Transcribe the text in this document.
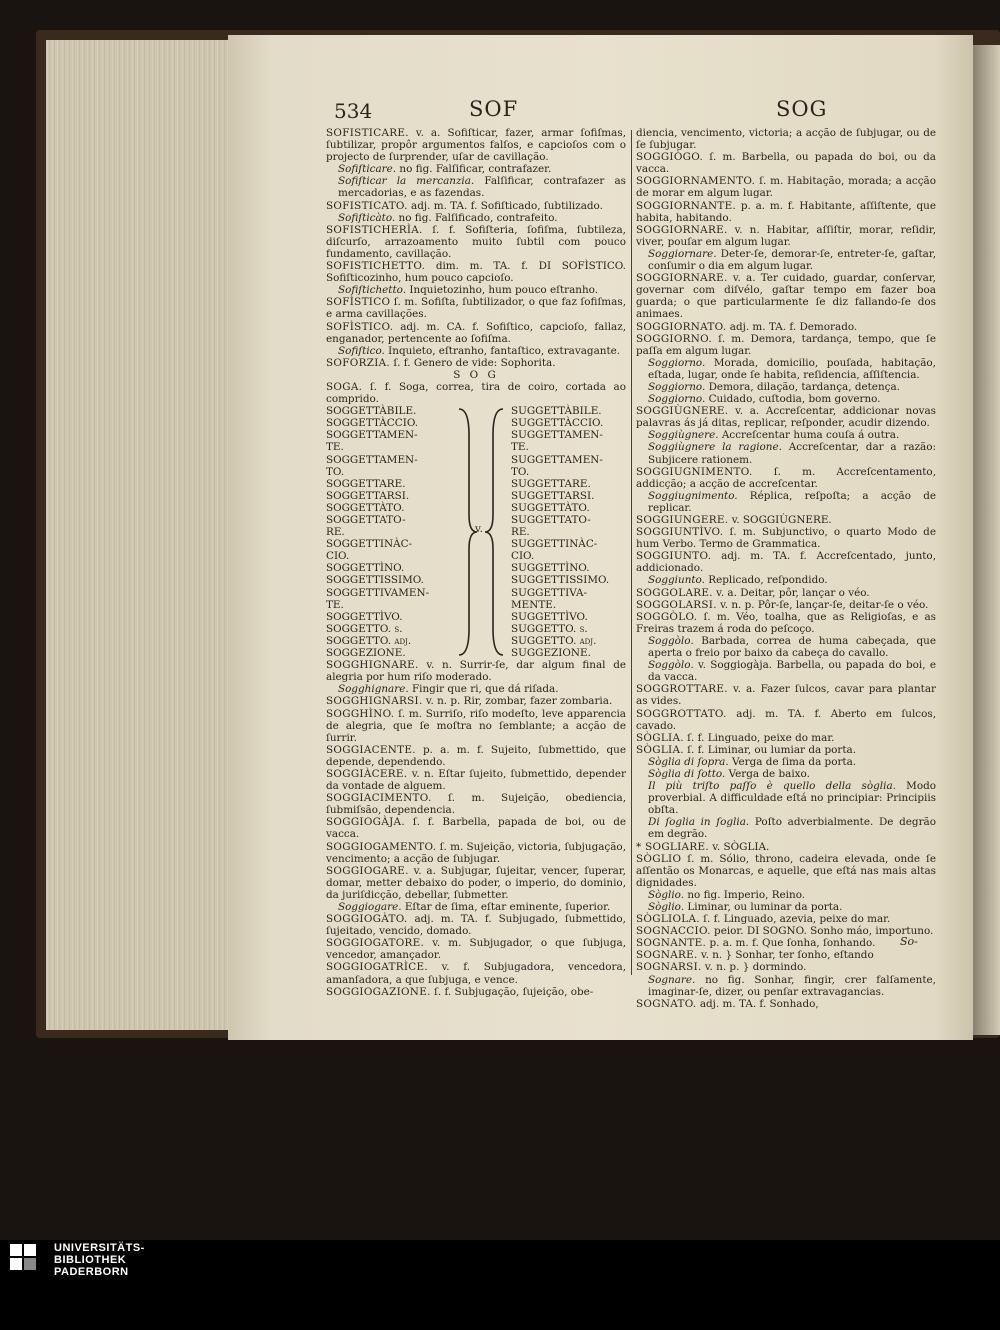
534	SOF	SOG

SOFISTICARE. v. a. Sofiſticar, fazer, armar ſofiſmas, ſubtilizar, propôr argumentos falſos, e capcioſos com o projecto de ſurprender, uſar de cavillação.

Sofiſticare. no fig. Falſificar, contrafazer.

Sofiſticar la mercanzia. Falſificar, contrafazer as mercadorias, e as fazendas.

SOFISTICATO. adj. m. TA. f. Sofiſticado, ſubtilizado.

Sofiſticàto. no fig. Falſificado, contrafeito.

SOFISTICHERÌA. ſ. f. Sofiſteria, ſofiſma, ſubtileza, diſcurſo, arrazoamento muito ſubtil com pouco fundamento, cavillação.

SOFISTICHETTO. dim. m. TA. f. DI SOFÌSTICO. Sofiſticozinho, hum pouco capcioſo.

Sofiſtichetto. Inquietozinho, hum pouco eſtranho.

SOFÌSTICO ſ. m. Sofiſta, ſubtilizador, o que faz ſofiſmas, e arma cavillações.

SOFÌSTICO. adj. m. CA. f. Sofiſtico, capcioſo, fallaz, enganador, pertencente ao ſofiſma.

Sofiſtico. Inquieto, eſtranho, fantaſtico, extravagante.

SOFORZIA. ſ. f. Genero de vide: Sophorita.

S O G

SOGA. ſ. f. Soga, correa, tira de coiro, cortada ao comprido.

SOGGETTÀBILE.
SOGGETTÀCCIO.
SOGGETTAMEN-
TE.
SOGGETTAMEN-
TO.
SOGGETTARE.
SOGGETTARSI.
SOGGETTÀTO.
SOGGETTATO-
RE.
SOGGETTINÀC-
CIO.
SOGGETTÌNO.
SOGGETTISSIMO.
SOGGETTIVAMEN-
TE.
SOGGETTÌVO.
SOGGETTO. ſ.
SOGGETTO. adj.
SOGGEZIONE.
v.
SUGGETTÀBILE.
SUGGETTÀCCIO.
SUGGETTAMEN-
TE.
SUGGETTAMEN-
TO.
SUGGETTARE.
SUGGETTARSI.
SUGGETTÀTO.
SUGGETTATO-
RE.
SUGGETTINÀC-
CIO.
SUGGETTÌNO.
SUGGETTISSIMO.
SUGGETTIVA-
MENTE.
SUGGETTÌVO.
SUGGETTO. ſ.
SUGGETTO. adj.
SUGGEZIONE.

SOGGHIGNARE. v. n. Surrir-ſe, dar algum final de alegria por hum riſo moderado.

Sogghignare. Fingir que ri, que dá riſada.

SOGGHIGNARSI. v. n. p. Rir, zombar, fazer zombaria.

SOGGHÌNO. ſ. m. Surriſo, riſo modeſto, leve apparencia de alegria, que ſe moſtra no ſemblante; a acção de ſurrir.

SOGGIACENTE. p. a. m. f. Sujeito, ſubmettido, que depende, dependendo.

SOGGIÀCERE. v. n. Eſtar ſujeito, ſubmettido, depender da vontade de alguem.

SOGGIACIMENTO. ſ. m. Sujeição, obediencia, ſubmiſsão, dependencia.

SOGGIOGÀJA. ſ. f. Barbella, papada de boi, ou de vacca.

SOGGIOGAMENTO. ſ. m. Sujeição, victoria, ſubjugação, vencimento; a acção de ſubjugar.

SOGGIOGARE. v. a. Subjugar, ſujeitar, vencer, ſuperar, domar, metter debaixo do poder, o imperio, do dominio, da juriſdicção, debellar, ſubmetter.

Soggiogare. Eſtar de ſima, eſtar eminente, ſuperior.

SOGGIOGÀTO. adj. m. TA. f. Subjugado, ſubmettido, ſujeitado, vencido, domado.

SOGGIOGATORE. v. m. Subjugador, o que ſubjuga, vencedor, amançador.

SOGGIOGATRÌCE. v. f. Subjugadora, vencedora, amanſadora, a que ſubjuga, e vence.

SOGGIOGAZIONE. ſ. f. Subjugação, ſujeição, obe-

diencia, vencimento, victoria; a acção de ſubjugar, ou de ſe ſubjugar.

SOGGIÒGO. ſ. m. Barbella, ou papada do boi, ou da vacca.

SOGGIORNAMENTO. ſ. m. Habitação, morada; a acção de morar em algum lugar.

SOGGIORNANTE. p. a. m. f. Habitante, aſſiſtente, que habita, habitando.

SOGGIORNARE. v. n. Habitar, aſſiſtir, morar, reſidir, viver, pouſar em algum lugar.

Soggiornare. Deter-ſe, demorar-ſe, entreter-ſe, gaſtar, conſumir o dia em algum lugar.

SOGGIORNARE. v. a. Ter cuidado, guardar, conſervar, governar com diſvélo, gaſtar tempo em fazer boa guarda; o que particularmente ſe diz fallando-ſe dos animaes.

SOGGIORNATO. adj. m. TA. f. Demorado.

SOGGIORNO. ſ. m. Demora, tardança, tempo, que ſe paſſa em algum lugar.

Soggiorno. Morada, domicilio, pouſada, habitação, eſtada, lugar, onde ſe habita, reſidencia, aſſiſtencia.

Soggiorno. Demora, dilação, tardança, detença.

Soggiorno. Cuidado, cuſtodia, bom governo.

SOGGIÙGNERE. v. a. Accreſcentar, addicionar novas palavras ás já ditas, replicar, reſponder, acudir dizendo.

Soggiùgnere. Accreſcentar huma couſa á outra.

Soggiùgnere la ragione. Accreſcentar, dar a razão: Subjicere rationem.

SOGGIUGNIMENTO. ſ. m. Accreſcentamento, addicção; a acção de accreſcentar.

Soggiugnimento. Réplica, reſpoſta; a acção de replicar.

SOGGIUNGERE. v. SOGGIÙGNERE.

SOGGIUNTÌVO. ſ. m. Subjunctivo, o quarto Modo de hum Verbo. Termo de Grammatica.

SOGGIUNTO. adj. m. TA. f. Accreſcentado, junto, addicionado.

Soggiunto. Replicado, reſpondido.

SOGGOLARE. v. a. Deitar, pôr, lançar o véo.

SOGGOLARSI. v. n. p. Pôr-ſe, lançar-ſe, deitar-ſe o véo.

SOGGÒLO. ſ. m. Véo, toalha, que as Religioſas, e as Freiras trazem á roda do peſcoço.

Soggòlo. Barbada, correa de huma cabeçada, que aperta o freio por baixo da cabeça do cavallo.

Soggòlo. v. Soggiogàja. Barbella, ou papada do boi, e da vacca.

SOGGROTTARE. v. a. Fazer ſulcos, cavar para plantar as vides.

SOGGROTTATO. adj. m. TA. f. Aberto em ſulcos, cavado.

SÒGLIA. ſ. f. Linguado, peixe do mar.

SÒGLIA. ſ. f. Liminar, ou lumiar da porta.

Sòglia di ſopra. Verga de ſima da porta.

Sòglia di ſotto. Verga de baixo.

Il più triſto paſſo è quello della sòglia. Modo proverbial. A difficuldade eſtá no principiar: Principiis obſta.

Di ſoglia in ſoglia. Poſto adverbialmente. De degrão em degrão.

* SOGLIARE. v. SÒGLIA.

SÒGLIO ſ. m. Sólio, throno, cadeira elevada, onde ſe aſſentão os Monarcas, e aquelle, que eſtá nas mais altas dignidades.

Sòglio. no fig. Imperio, Reino.

Sòglio. Liminar, ou luminar da porta.

SÒGLIOLA. ſ. f. Linguado, azevia, peixe do mar.

SOGNACCIO. peior. DI SOGNO. Sonho máo, importuno.

SOGNANTE. p. a. m. f. Que ſonha, ſonhando.

SOGNARE. v. n. } Sonhar, ter ſonho, eſtando

SOGNARSI. v. n. p. } dormindo.

Sognare. no fig. Sonhar, fingir, crer falſamente, imaginar-ſe, dizer, ou penſar extravagancias.

SOGNATO. adj. m. TA. f. Sonhado,

So-
UNIVERSITÄTS-
BIBLIOTHEK
PADERBORN
